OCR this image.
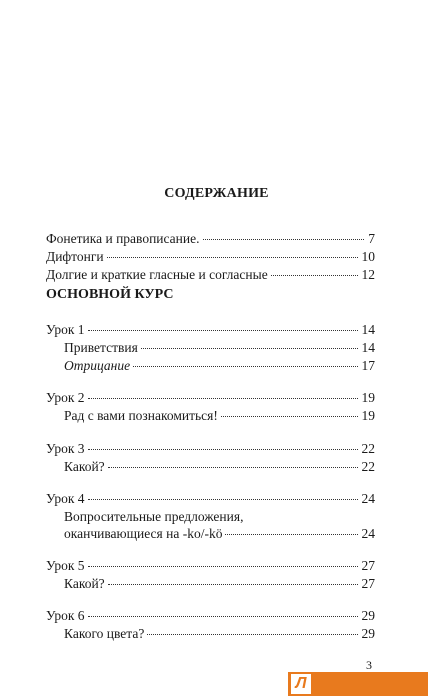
СОДЕРЖАНИЕ
Фонетика и правописание.	7
Дифтонги	10
Долгие и краткие гласные и согласные	12
ОСНОВНОЙ КУРС
Урок 1	14
Приветствия	14
Отрицание	17
Урок 2	19
Рад с вами познакомиться!	19
Урок 3	22
Какой?	22
Урок 4	24
Вопросительные предложения,
оканчивающиеся на -ko/-kö	24
Урок 5	27
Какой?	27
Урок 6	29
Какого цвета?	29
3
Л
